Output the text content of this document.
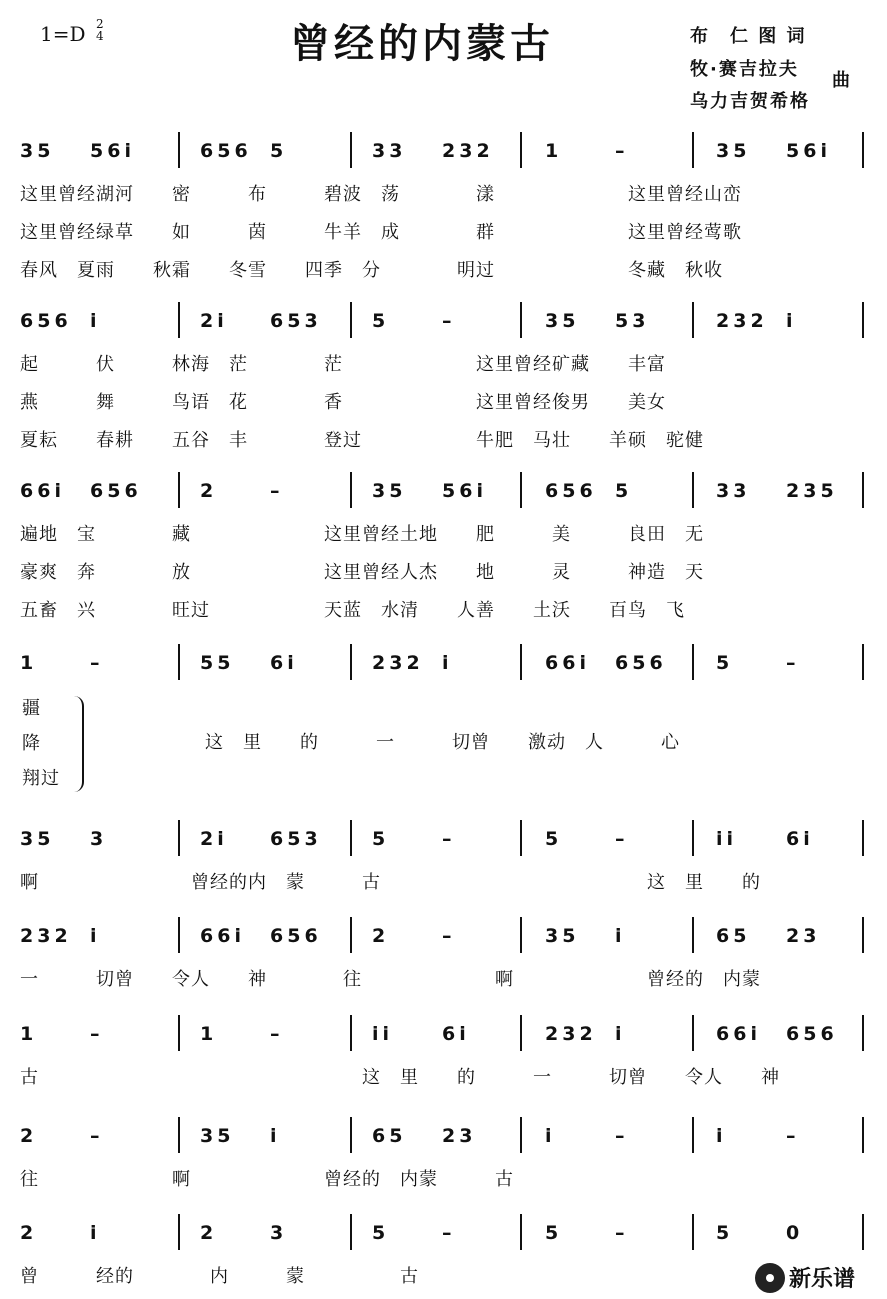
1=D 2
4	曾经的内蒙古	布　仁 图 词
牧·赛吉拉夫
乌力吉贺希格
曲
35 56i	656 5	33 232	1	–	35 56i
这里曾经湖河　　密　　　布　　　碧波　荡　　　　漾　　　　　　　这里曾经山峦
这里曾经绿草　　如　　　茵　　　牛羊　成　　　　群　　　　　　　这里曾经莺歌
春风　夏雨　　秋霜　　冬雪　　四季　分　　　　明过　　　　　　　冬藏　秋收
656 i	2i 653	5	–	35 53	232 i
起　　　伏　　　林海　茫　　　　茫　　　　　　　这里曾经矿藏　　丰富
燕　　　舞　　　鸟语　花　　　　香　　　　　　　这里曾经俊男　　美女
夏耘　　春耕　　五谷　丰　　　　登过　　　　　　牛肥　马壮　　羊硕　驼健
66i 656	2	–	35 56i	656 5	33 235
遍地　宝　　　　藏　　　　　　　这里曾经土地　　肥　　　美　　　良田　无
豪爽　奔　　　　放　　　　　　　这里曾经人杰　　地　　　灵　　　神造　天
五畜　兴　　　　旺过　　　　　　天蓝　水清　　人善　　土沃　　百鸟　飞
1	–	55 6i	232 i	66i 656	5	–
疆
降
翔过
这　里　　的　　　一　　　切曾　　激动　人　　　心
35 3	2i 653	5	–	5	–	ii	6i
啊　　　　　　　　曾经的内　蒙　　　古　　　　　　　　　　　　　　这　里　　的
232 i	66i 656	2	–	35 i	65 23
一　　　切曾　　令人　　神　　　　往　　　　　　　啊　　　　　　　曾经的　内蒙
1	–	1	–	ii	6i	232 i	66i 656
古　　　　　　　　　　　　　　　　　这　里　　的　　　一　　　切曾　　令人　　神
2	–	35 i	65 23	i	–	i	–
往　　　　　　　啊　　　　　　　曾经的　内蒙　　　古
2	i	2	3	5	–	5	–	5	0
曾　　　经的　　　　内　　　蒙　　　　　古	新乐谱
